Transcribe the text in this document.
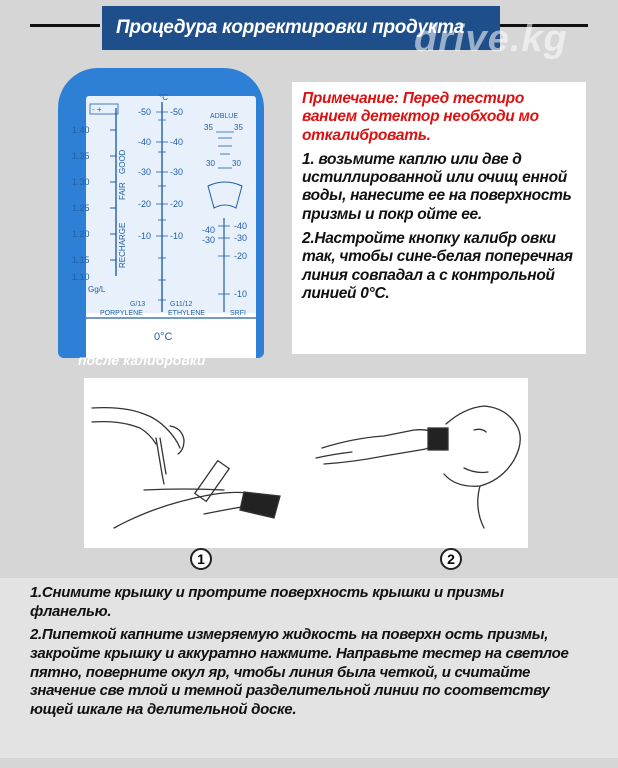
Процедура корректировки продукта
drive.kg
- +
RECHARGE
FAIR
GOOD
1.40
1.35
1.30
1.25
1.20
1.15
1.10
Gg/L
°C
-50
-40
-30
-20
-10
-50
-40
-30
-20
-10
ADBLUE
35	35
30 30
-40
-30
-20
-10
-40
-30
G/13
PORPYLENE
G11/12
ETHYLENE	SRFI
0°C
после калибровки
Примечание: Перед тестиро ванием детектор необходи мо откалибровать.
1. возьмите каплю или две д истиллированной или очищ енной воды, нанесите ее на поверхность призмы и покр ойте ее.
2.Настройте кнопку калибр овки так, чтобы сине-белая поперечная линия совпадал а с контрольной линией 0°С.
1	2

1.Снимите крышку и протрите поверхность крышки и призмы фланелью.

2.Пипеткой капните измеряемую жидкость на поверхн ость призмы, закройте крышку и аккуратно нажмите. Направьте тестер на светлое пятно, поверните окул яр, чтобы линия была четкой, и считайте значение све тлой и темной разделительной линии по соответству ющей шкале на делительной доске.
